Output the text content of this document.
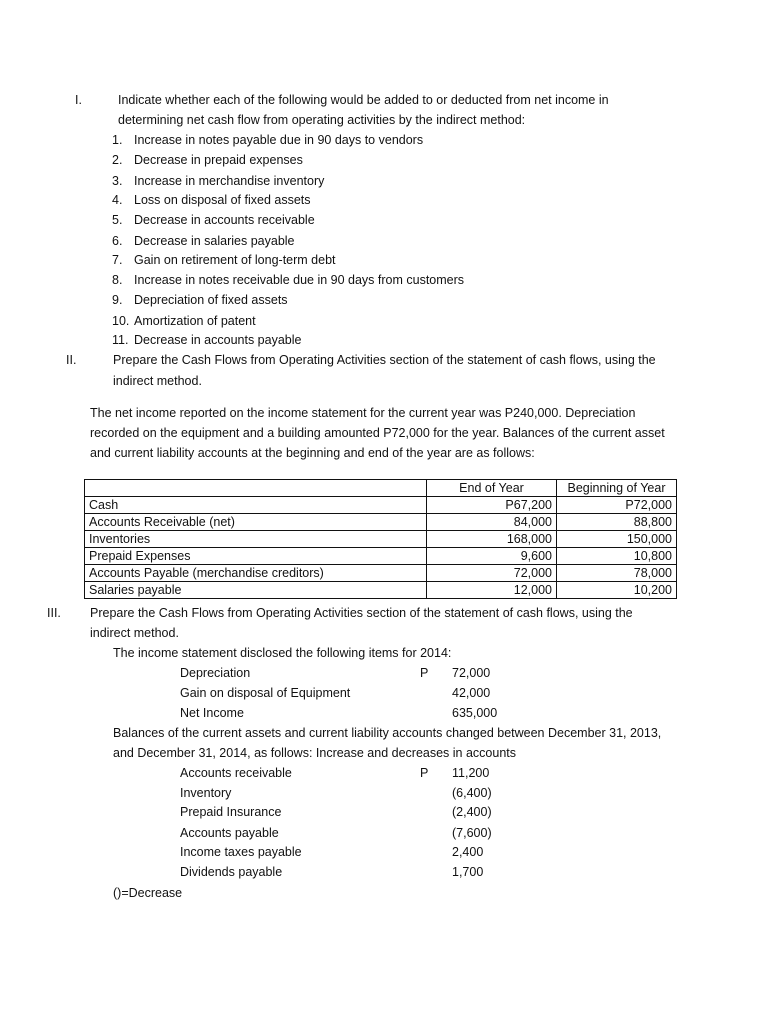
I.	Indicate whether each of the following would be added to or deducted from net income in
determining net cash flow from operating activities by the indirect method:
1. Increase in notes payable due in 90 days to vendors
2. Decrease in prepaid expenses
3. Increase in merchandise inventory
4. Loss on disposal of fixed assets
5. Decrease in accounts receivable
6. Decrease in salaries payable
7. Gain on retirement of long-term debt
8. Increase in notes receivable due in 90 days from customers
9. Depreciation of fixed assets
10. Amortization of patent
11. Decrease in accounts payable
II.	Prepare the Cash Flows from Operating Activities section of the statement of cash flows, using the
indirect method.
The net income reported on the income statement for the current year was P240,000. Depreciation
recorded on the equipment and a building amounted P72,000 for the year. Balances of the current asset
and current liability accounts at the beginning and end of the year are as follows:
	End of Year	Beginning of Year
Cash	P67,200	P72,000
Accounts Receivable (net)	84,000	88,800
Inventories	168,000	150,000
Prepaid Expenses	9,600	10,800
Accounts Payable (merchandise creditors)	72,000	78,000
Salaries payable	12,000	10,200
III. Prepare the Cash Flows from Operating Activities section of the statement of cash flows, using the
indirect method.
The income statement disclosed the following items for 2014:
Depreciation	P 72,000
Gain on disposal of Equipment	42,000
Net Income	635,000
Balances of the current assets and current liability accounts changed between December 31, 2013,
and December 31, 2014, as follows: Increase and decreases in accounts
Accounts receivable	P 11,200
Inventory	(6,400)
Prepaid Insurance	(2,400)
Accounts payable	(7,600)
Income taxes payable	2,400
Dividends payable	1,700
()=Decrease
